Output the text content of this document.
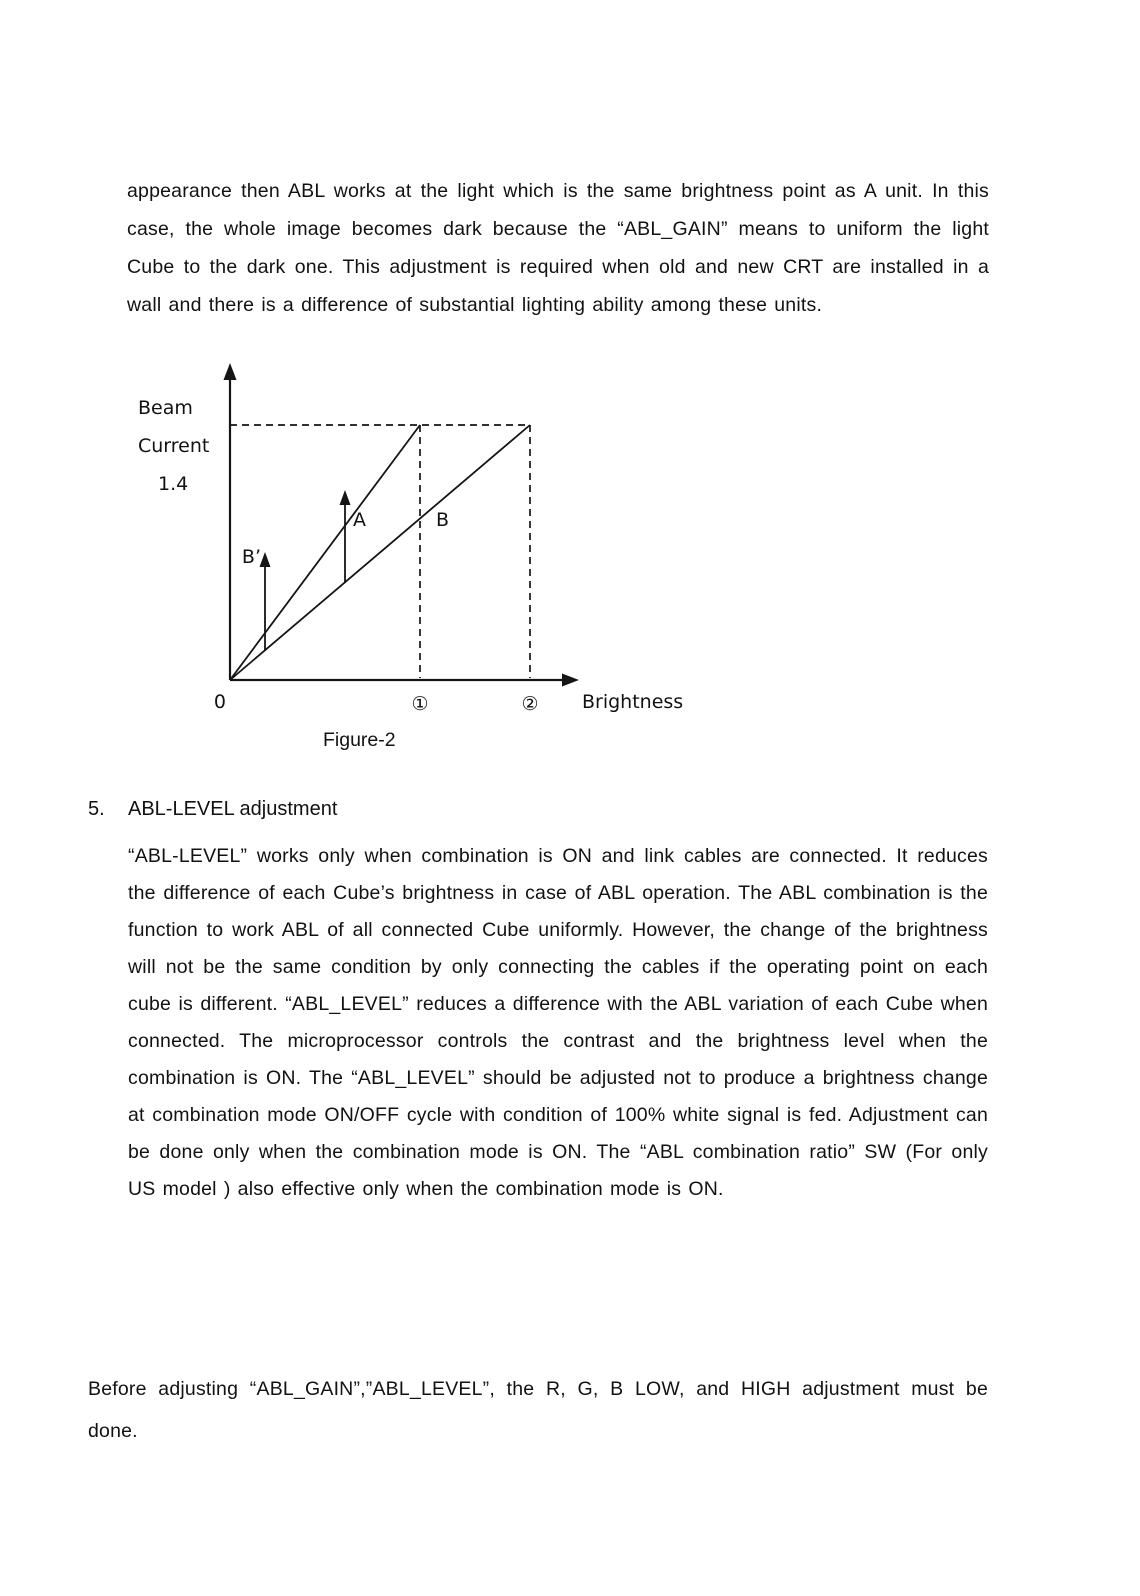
appearance then ABL works at the light which is the same brightness point as A unit. In this case, the whole image becomes dark because the “ABL_GAIN” means to uniform the light Cube to the dark one. This adjustment is required when old and new CRT are installed in a wall and there is a difference of substantial lighting ability among these units.

Beam
Current
1.4
B’
A	B
0	①	② Brightness
Figure-2
5. ABL-LEVEL adjustment

“ABL-LEVEL” works only when combination is ON and link cables are connected. It reduces the difference of each Cube’s brightness in case of ABL operation. The ABL combination is the function to work ABL of all connected Cube uniformly. However, the change of the brightness will not be the same condition by only connecting the cables if the operating point on each cube is different. “ABL_LEVEL” reduces a difference with the ABL variation of each Cube when connected. The microprocessor controls the contrast and the brightness level when the combination is ON. The “ABL_LEVEL” should be adjusted not to produce a brightness change at combination mode ON/OFF cycle with condition of 100% white signal is fed. Adjustment can be done only when the combination mode is ON. The “ABL combination ratio” SW (For only US model ) also effective only when the combination mode is ON.

Before adjusting “ABL_GAIN”,”ABL_LEVEL”, the R, G, B LOW, and HIGH adjustment must be done.
